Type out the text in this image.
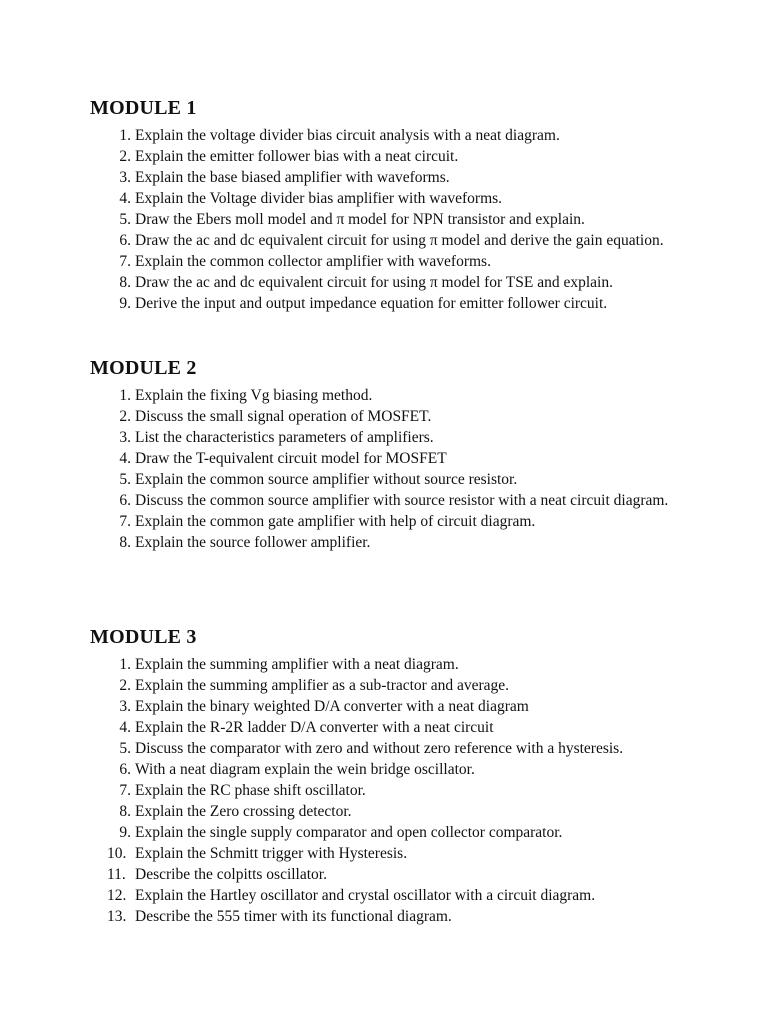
MODULE 1
1. Explain the voltage divider bias circuit analysis with a neat diagram.
2. Explain the emitter follower bias with a neat circuit.
3. Explain the base biased amplifier with waveforms.
4. Explain the Voltage divider bias amplifier with waveforms.
5. Draw the Ebers moll model and π model for NPN transistor and explain.
6. Draw the ac and dc equivalent circuit for using π model and derive the gain equation.
7. Explain the common collector amplifier with waveforms.
8. Draw the ac and dc equivalent circuit for using π model for TSE and explain.
9. Derive the input and output impedance equation for emitter follower circuit.
MODULE 2
1. Explain the fixing Vg biasing method.
2. Discuss the small signal operation of MOSFET.
3. List the characteristics parameters of amplifiers.
4. Draw the T-equivalent circuit model for MOSFET
5. Explain the common source amplifier without source resistor.
6. Discuss the common source amplifier with source resistor with a neat circuit diagram.
7. Explain the common gate amplifier with help of circuit diagram.
8. Explain the source follower amplifier.
MODULE 3
1. Explain the summing amplifier with a neat diagram.
2. Explain the summing amplifier as a sub-tractor and average.
3. Explain the binary weighted D/A converter with a neat diagram
4. Explain the R-2R ladder D/A converter with a neat circuit
5. Discuss the comparator with zero and without zero reference with a hysteresis.
6. With a neat diagram explain the wein bridge oscillator.
7. Explain the RC phase shift oscillator.
8. Explain the Zero crossing detector.
9. Explain the single supply comparator and open collector comparator.
10. Explain the Schmitt trigger with Hysteresis.
11. Describe the colpitts oscillator.
12. Explain the Hartley oscillator and crystal oscillator with a circuit diagram.
13. Describe the 555 timer with its functional diagram.
